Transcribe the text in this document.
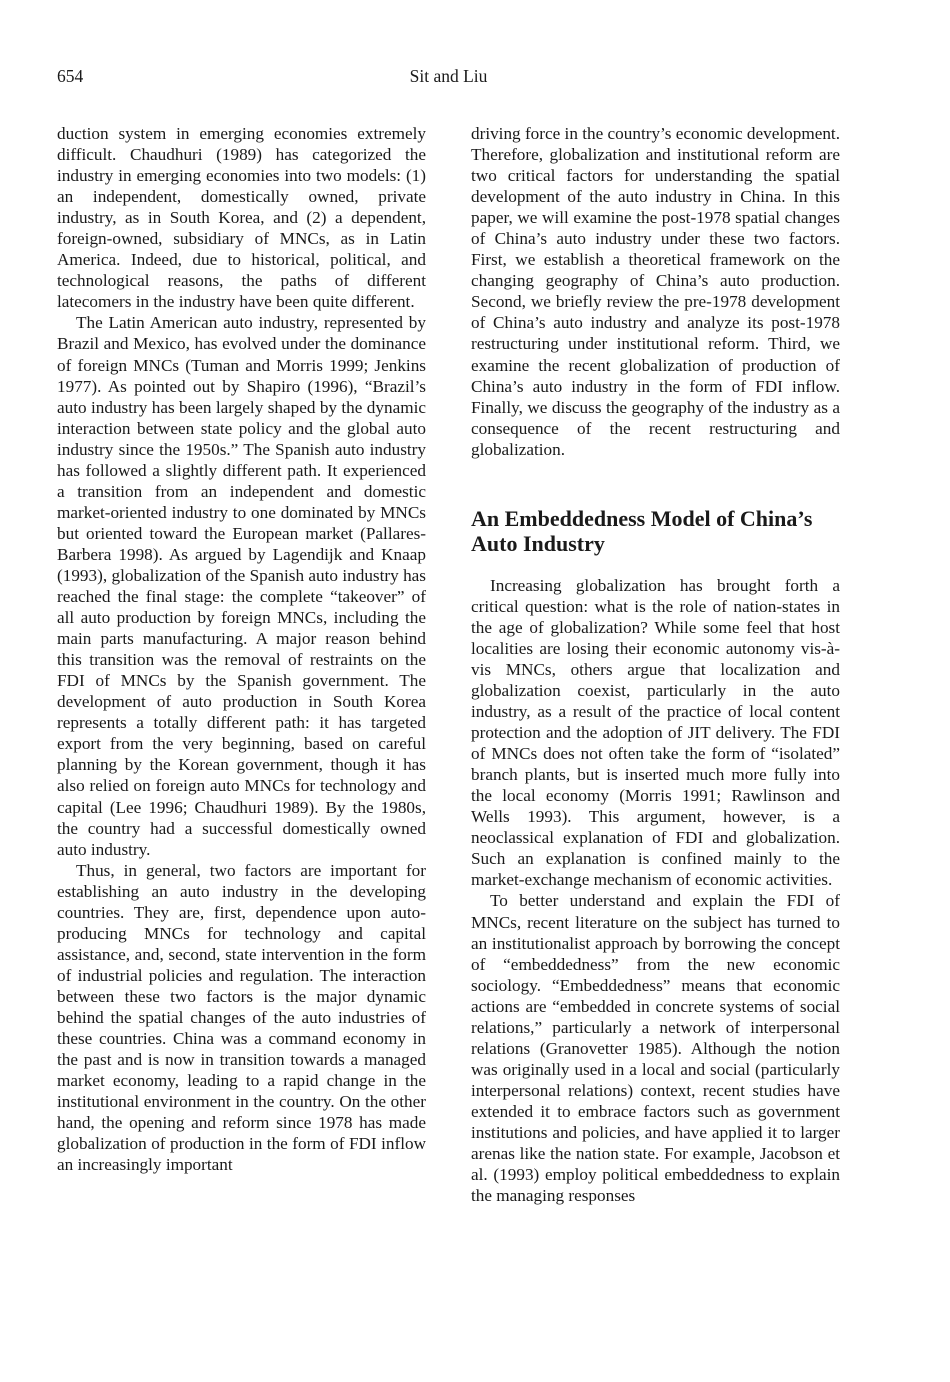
654	Sit and Liu

duction system in emerging economies extremely difficult. Chaudhuri (1989) has categorized the industry in emerging economies into two models: (1) an independent, domestically owned, private industry, as in South Korea, and (2) a dependent, foreign-owned, subsidiary of MNCs, as in Latin America. Indeed, due to historical, political, and technological reasons, the paths of different latecomers in the industry have been quite different.

The Latin American auto industry, represented by Brazil and Mexico, has evolved under the dominance of foreign MNCs (Tuman and Morris 1999; Jenkins 1977). As pointed out by Shapiro (1996), “Brazil’s auto industry has been largely shaped by the dynamic interaction between state policy and the global auto industry since the 1950s.” The Spanish auto industry has followed a slightly different path. It experienced a transition from an independent and domestic market-oriented industry to one dominated by MNCs but oriented toward the European market (Pallares-Barbera 1998). As argued by Lagendijk and Knaap (1993), globalization of the Spanish auto industry has reached the final stage: the complete “takeover” of all auto production by foreign MNCs, including the main parts manufacturing. A major reason behind this transition was the removal of restraints on the FDI of MNCs by the Spanish government. The development of auto production in South Korea represents a totally different path: it has targeted export from the very beginning, based on careful planning by the Korean government, though it has also relied on foreign auto MNCs for technology and capital (Lee 1996; Chaudhuri 1989). By the 1980s, the country had a successful domestically owned auto industry.

Thus, in general, two factors are important for establishing an auto industry in the developing countries. They are, first, dependence upon auto-producing MNCs for technology and capital assistance, and, second, state intervention in the form of industrial policies and regulation. The interaction between these two factors is the major dynamic behind the spatial changes of the auto industries of these countries. China was a command economy in the past and is now in transition towards a managed market economy, leading to a rapid change in the institutional environment in the country. On the other hand, the opening and reform since 1978 has made globalization of production in the form of FDI inflow an increasingly important

driving force in the country’s economic development. Therefore, globalization and institutional reform are two critical factors for understanding the spatial development of the auto industry in China. In this paper, we will examine the post-1978 spatial changes of China’s auto industry under these two factors. First, we establish a theoretical framework on the changing geography of China’s auto production. Second, we briefly review the pre-1978 development of China’s auto industry and analyze its post-1978 restructuring under institutional reform. Third, we examine the recent globalization of production of China’s auto industry in the form of FDI inflow. Finally, we discuss the geography of the industry as a consequence of the recent restructuring and globalization.

An Embeddedness Model of China’s Auto Industry

Increasing globalization has brought forth a critical question: what is the role of nation-states in the age of globalization? While some feel that host localities are losing their economic autonomy vis-à-vis MNCs, others argue that localization and globalization coexist, particularly in the auto industry, as a result of the practice of local content protection and the adoption of JIT delivery. The FDI of MNCs does not often take the form of “isolated” branch plants, but is inserted much more fully into the local economy (Morris 1991; Rawlinson and Wells 1993). This argument, however, is a neoclassical explanation of FDI and globalization. Such an explanation is confined mainly to the market-exchange mechanism of economic activities.

To better understand and explain the FDI of MNCs, recent literature on the subject has turned to an institutionalist approach by borrowing the concept of “embeddedness” from the new economic sociology. “Embeddedness” means that economic actions are “embedded in concrete systems of social relations,” particularly a network of interpersonal relations (Granovetter 1985). Although the notion was originally used in a local and social (particularly interpersonal relations) context, recent studies have extended it to embrace factors such as government institutions and policies, and have applied it to larger arenas like the nation state. For example, Jacobson et al. (1993) employ political embeddedness to explain the managing responses
